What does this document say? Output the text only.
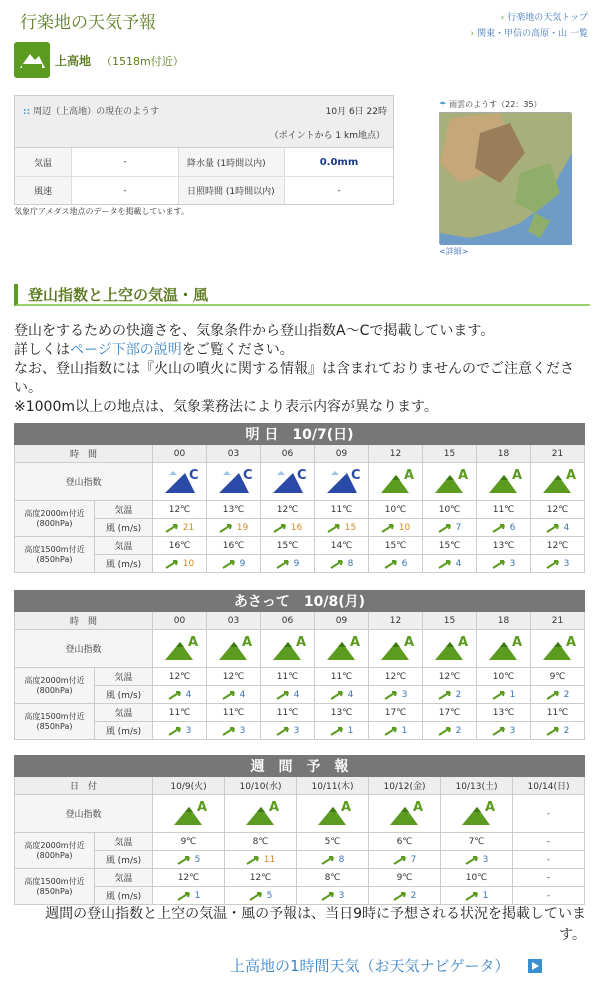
行楽地の天気予報	› 行楽地の天気トップ
› 関東・甲信の高原・山 一覧
上高地 （1518m付近）
:: 周辺（上高地）の現在のようす	10月 6日 22時
（ポイントから 1 km地点）
気温	-	降水量 (1時間以内)	0.0mm
風速	-	日照時間 (1時間以内)	-
気象庁アメダス地点のデータを掲載しています。
☂ 雨雲のようす（22：35）
<詳細>
登山指数と上空の気温・風
登山をするための快適さを、気象条件から登山指数A～Cで掲載しています。
詳しくはページ下部の説明をご覧ください。
なお、登山指数には『火山の噴火に関する情報』は含まれておりませんのでご注意ください。
※1000m以上の地点は、気象業務法により表示内容が異なります。
明 日　10/7(日)									
時　間		00	03	06	09	12	15	18	21
登山指数		C	C	C	C	A	A	A	A

高度2000m付近
(800hPa)	気温	12℃	13℃	12℃	11℃	10℃	10℃	11℃	12℃
	風 (m/s)	21	19	16	15	10	7	6	4

高度1500m付近
(850hPa)	気温	16℃	16℃	15℃	14℃	15℃	15℃	13℃	12℃
	風 (m/s)	10	9	9	8	6	4	3	3
あさって　10/8(月)									
時　間		00	03	06	09	12	15	18	21
登山指数		A	A	A	A	A	A	A	A

高度2000m付近
(800hPa)	気温	12℃	12℃	11℃	11℃	12℃	12℃	10℃	9℃
	風 (m/s)	4	4	4	4	3	2	1	2

高度1500m付近
(850hPa)	気温	11℃	11℃	11℃	13℃	17℃	17℃	13℃	11℃
	風 (m/s)	3	3	3	1	1	2	3	2
週　間　予　報							
日　付		10/9(火)	10/10(水)	10/11(木)	10/12(金)	10/13(土)	10/14(日)
登山指数		A	A	A	A	A	-
高度2000m付近
(800hPa)	気温	9℃	8℃	5℃	6℃	7℃	-
	風 (m/s)	5	11	8	7	3	-
高度1500m付近
(850hPa)	気温	12℃	12℃	8℃	9℃	10℃	-
	風 (m/s)	1	5	3	2	1	-
週間の登山指数と上空の気温・風の予報は、当日9時に予想される状況を掲載しています。
上高地の1時間天気（お天気ナビゲータ）
